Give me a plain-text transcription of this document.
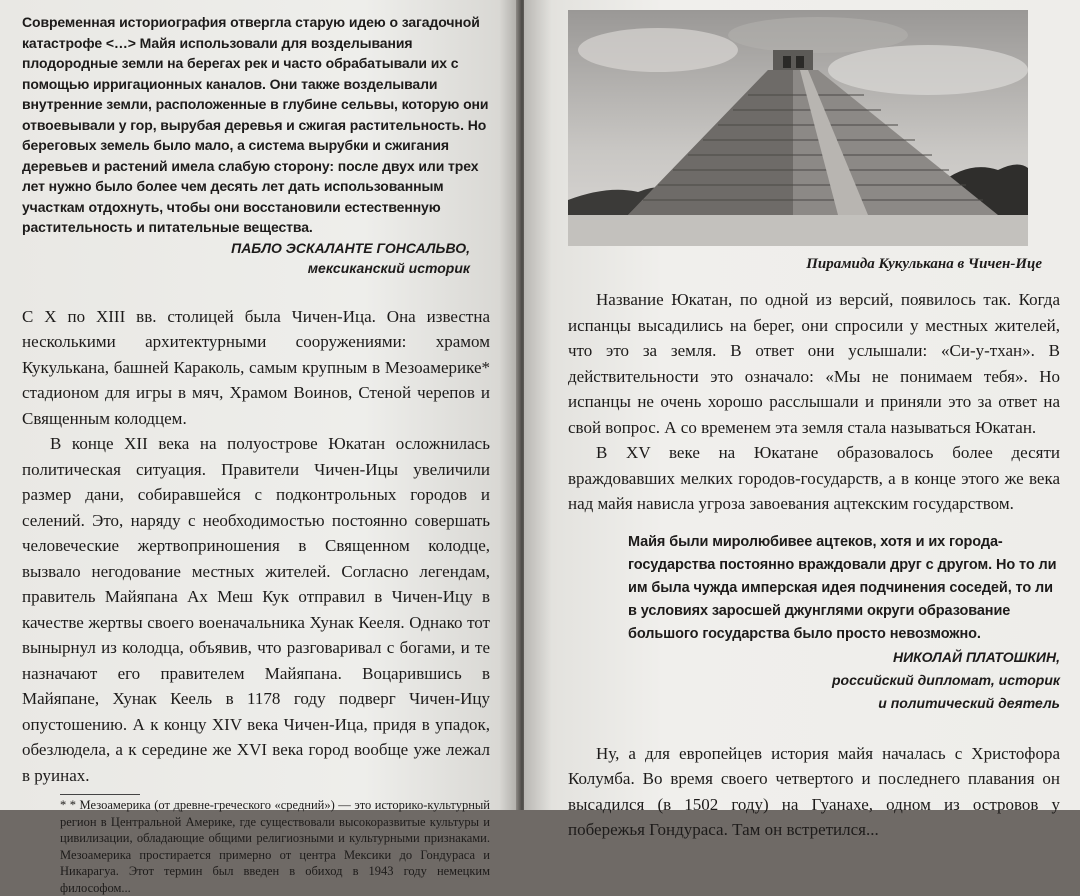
Современная историография отвергла старую идею о загадочной катастрофе <…> Майя использовали для возделывания плодородные земли на берегах рек и часто обрабатывали их с помощью ирригационных каналов. Они также возделывали внутренние земли, расположенные в глубине сельвы, которую они отвоевывали у гор, вырубая деревья и сжигая растительность. Но береговых земель было мало, а система вырубки и сжигания деревьев и растений имела слабую сторону: после двух или трех лет нужно было более чем десять лет дать использованным участкам отдохнуть, чтобы они восстановили естественную растительность и питательные вещества.

ПАБЛО ЭСКАЛАНТЕ ГОНСАЛЬВО,

мексиканский историк

С X по XIII вв. столицей была Чичен-Ица. Она известна несколькими архитектурными сооружениями: храмом Кукулькана, башней Караколь, самым крупным в Мезоамерике* стадионом для игры в мяч, Храмом Воинов, Стеной черепов и Священным колодцем.

В конце XII века на полуострове Юкатан осложнилась политическая ситуация. Правители Чичен-Ицы увеличили размер дани, собиравшейся с подконтрольных городов и селений. Это, наряду с необходимостью постоянно совершать человеческие жертвоприношения в Священном колодце, вызвало негодование местных жителей. Согласно легендам, правитель Майяпана Ах Меш Кук отправил в Чичен-Ицу в качестве жертвы своего военачальника Хунак Кееля. Однако тот вынырнул из колодца, объявив, что разговаривал с богами, и те назначают его правителем Майяпана. Воцарившись в Майяпане, Хунак Кеель в 1178 году подверг Чичен-Ицу опустошению. А к концу XIV века Чичен-Ица, придя в упадок, обезлюдела, а к середине же XVI века город вообще уже лежал в руинах.

* * Мезоамерика (от древне-греческого «средний») — это историко-культурный регион в Центральной Америке, где существовали высокоразвитые культуры и цивилизации, обладающие общими религиозными и культурными признаками. Мезоамерика простирается примерно от центра Мексики до Гондураса и Никарагуа. Этот термин был введен в обиход в 1943 году немецким философом...

Пирамида Кукулькана в Чичен-Ице

Название Юкатан, по одной из версий, появилось так. Когда испанцы высадились на берег, они спросили у местных жителей, что это за земля. В ответ они услышали: «Си-у-тхан». В действительности это означало: «Мы не понимаем тебя». Но испанцы не очень хорошо расслышали и приняли это за ответ на свой вопрос. А со временем эта земля стала называться Юкатан.

В XV веке на Юкатане образовалось более десяти враждовавших мелких городов-государств, а в конце этого же века над майя нависла угроза завоевания ацтекским государством.

Майя были миролюбивее ацтеков, хотя и их города-государства постоянно враждовали друг с другом. Но то ли им была чужда имперская идея подчинения соседей, то ли в условиях заросшей джунглями округи образование большого государства было просто невозможно.

НИКОЛАЙ ПЛАТОШКИН,

российский дипломат, историк

и политический деятель

Ну, а для европейцев история майя началась с Христофора Колумба. Во время своего четвертого и последнего плавания он высадился (в 1502 году) на Гуанахе, одном из островов у побережья Гондураса. Там он встретился...
